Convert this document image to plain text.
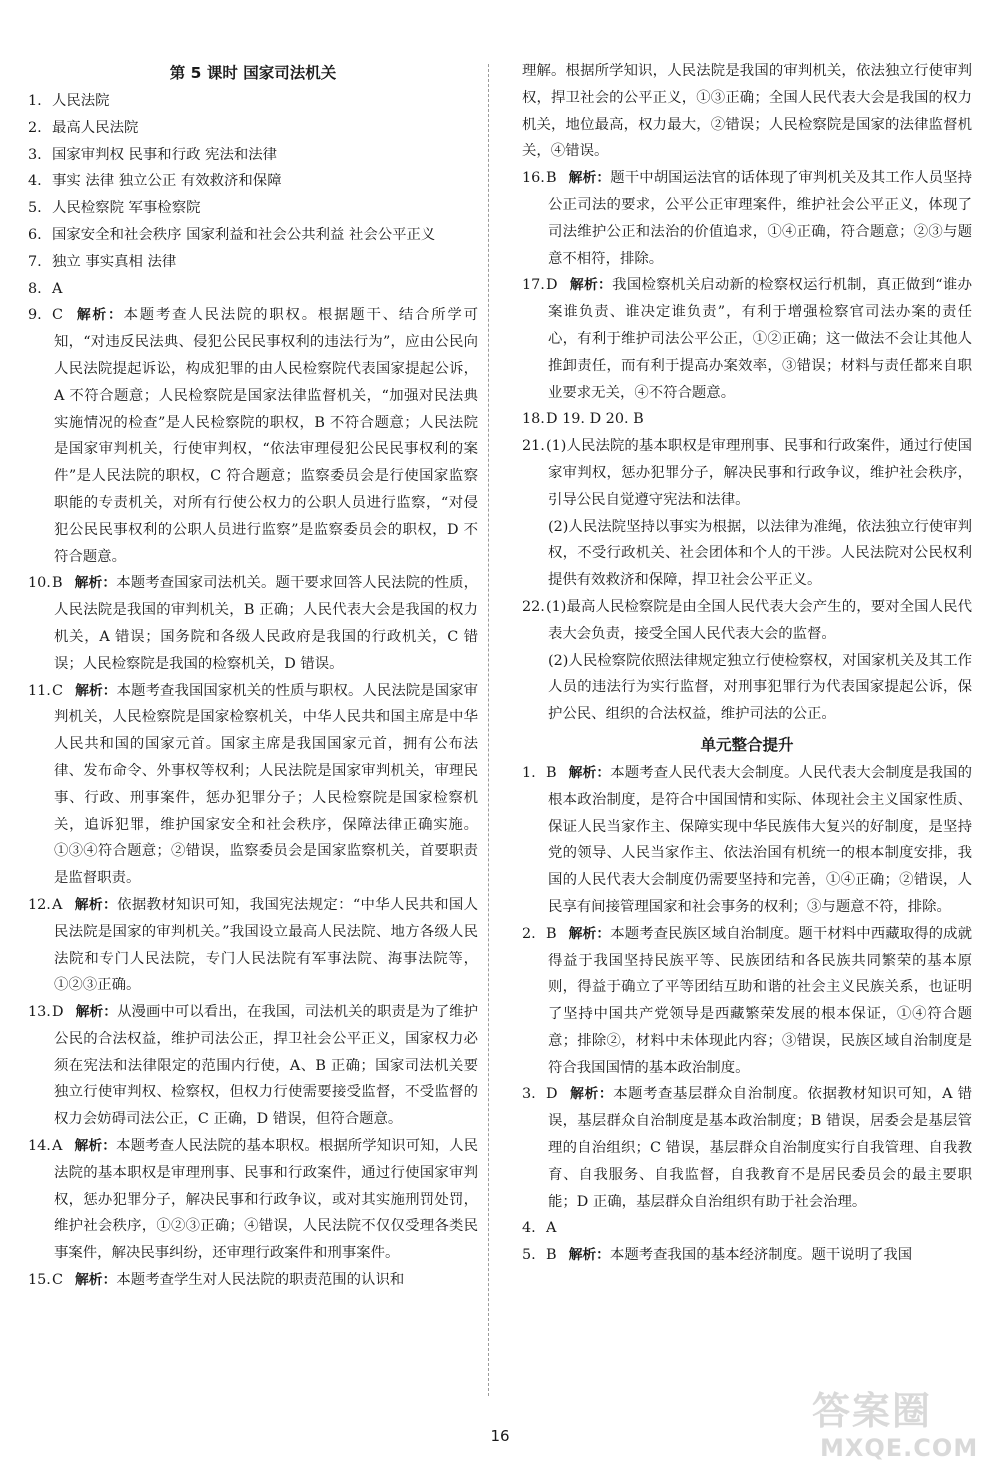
第 5 课时 国家司法机关

1. 人民法院
2. 最高人民法院
3. 国家审判权 民事和行政 宪法和法律
4. 事实 法律 独立公正 有效救济和保障
5. 人民检察院 军事检察院
6. 国家安全和社会秩序 国家利益和社会公共利益 社会公平正义
7. 独立 事实真相 法律
8. A
9. C 解析：本题考查人民法院的职权。根据题干、结合所学可知，“对违反民法典、侵犯公民民事权利的违法行为”，应由公民向人民法院提起诉讼，构成犯罪的由人民检察院代表国家提起公诉，A 不符合题意；人民检察院是国家法律监督机关，“加强对民法典实施情况的检查”是人民检察院的职权，B 不符合题意；人民法院是国家审判机关，行使审判权，“依法审理侵犯公民民事权利的案件”是人民法院的职权，C 符合题意；监察委员会是行使国家监察职能的专责机关，对所有行使公权力的公职人员进行监察，“对侵犯公民民事权利的公职人员进行监察”是监察委员会的职权，D 不符合题意。
10.B 解析：本题考查国家司法机关。题干要求回答人民法院的性质，人民法院是我国的审判机关，B 正确；人民代表大会是我国的权力机关，A 错误；国务院和各级人民政府是我国的行政机关，C 错误；人民检察院是我国的检察机关，D 错误。
11.C 解析：本题考查我国国家机关的性质与职权。人民法院是国家审判机关，人民检察院是国家检察机关，中华人民共和国主席是中华人民共和国的国家元首。国家主席是我国国家元首，拥有公布法律、发布命令、外事权等权利；人民法院是国家审判机关，审理民事、行政、刑事案件，惩办犯罪分子；人民检察院是国家检察机关，追诉犯罪，维护国家安全和社会秩序，保障法律正确实施。①③④符合题意；②错误，监察委员会是国家监察机关，首要职责是监督职责。
12.A 解析：依据教材知识可知，我国宪法规定：“中华人民共和国人民法院是国家的审判机关。”我国设立最高人民法院、地方各级人民法院和专门人民法院，专门人民法院有军事法院、海事法院等，①②③正确。
13.D 解析：从漫画中可以看出，在我国，司法机关的职责是为了维护公民的合法权益，维护司法公正，捍卫社会公平正义，国家权力必须在宪法和法律限定的范围内行使，A、B 正确；国家司法机关要独立行使审判权、检察权，但权力行使需要接受监督，不受监督的权力会妨碍司法公正，C 正确，D 错误，但符合题意。
14.A 解析：本题考查人民法院的基本职权。根据所学知识可知，人民法院的基本职权是审理刑事、民事和行政案件，通过行使国家审判权，惩办犯罪分子，解决民事和行政争议，或对其实施刑罚处罚，维护社会秩序，①②③正确；④错误，人民法院不仅仅受理各类民事案件，解决民事纠纷，还审理行政案件和刑事案件。
15.C 解析：本题考查学生对人民法院的职责范围的认识和

理解。根据所学知识，人民法院是我国的审判机关，依法独立行使审判权，捍卫社会的公平正义，①③正确；全国人民代表大会是我国的权力机关，地位最高，权力最大，②错误；人民检察院是国家的法律监督机关，④错误。

16.B 解析：题干中胡国运法官的话体现了审判机关及其工作人员坚持公正司法的要求，公平公正审理案件，维护社会公平正义，体现了司法维护公正和法治的价值追求，①④正确，符合题意；②③与题意不相符，排除。
17.D 解析：我国检察机关启动新的检察权运行机制，真正做到“谁办案谁负责、谁决定谁负责”，有利于增强检察官司法办案的责任心，有利于维护司法公平公正，①②正确；这一做法不会让其他人推卸责任，而有利于提高办案效率，③错误；材料与责任都来自职业要求无关，④不符合题意。
18.D 19. D 20. B
21.(1)人民法院的基本职权是审理刑事、民事和行政案件，通过行使国家审判权，惩办犯罪分子，解决民事和行政争议，维护社会秩序，引导公民自觉遵守宪法和法律。

(2)人民法院坚持以事实为根据，以法律为准绳，依法独立行使审判权，不受行政机关、社会团体和个人的干涉。人民法院对公民权利提供有效救济和保障，捍卫社会公平正义。

22.(1)最高人民检察院是由全国人民代表大会产生的，要对全国人民代表大会负责，接受全国人民代表大会的监督。

(2)人民检察院依照法律规定独立行使检察权，对国家机关及其工作人员的违法行为实行监督，对刑事犯罪行为代表国家提起公诉，保护公民、组织的合法权益，维护司法的公正。

单元整合提升

1. B 解析：本题考查人民代表大会制度。人民代表大会制度是我国的根本政治制度，是符合中国国情和实际、体现社会主义国家性质、保证人民当家作主、保障实现中华民族伟大复兴的好制度，是坚持党的领导、人民当家作主、依法治国有机统一的根本制度安排，我国的人民代表大会制度仍需要坚持和完善，①④正确；②错误，人民享有间接管理国家和社会事务的权利；③与题意不符，排除。
2. B 解析：本题考查民族区域自治制度。题干材料中西藏取得的成就得益于我国坚持民族平等、民族团结和各民族共同繁荣的基本原则，得益于确立了平等团结互助和谐的社会主义民族关系，也证明了坚持中国共产党领导是西藏繁荣发展的根本保证，①④符合题意；排除②，材料中未体现此内容；③错误，民族区域自治制度是符合我国国情的基本政治制度。
3. D 解析：本题考查基层群众自治制度。依据教材知识可知，A 错误，基层群众自治制度是基本政治制度；B 错误，居委会是基层管理的自治组织；C 错误，基层群众自治制度实行自我管理、自我教育、自我服务、自我监督，自我教育不是居民委员会的最主要职能；D 正确，基层群众自治组织有助于社会治理。
4. A
5. B 解析：本题考查我国的基本经济制度。题干说明了我国
16
答案圈
MXQE.COM
